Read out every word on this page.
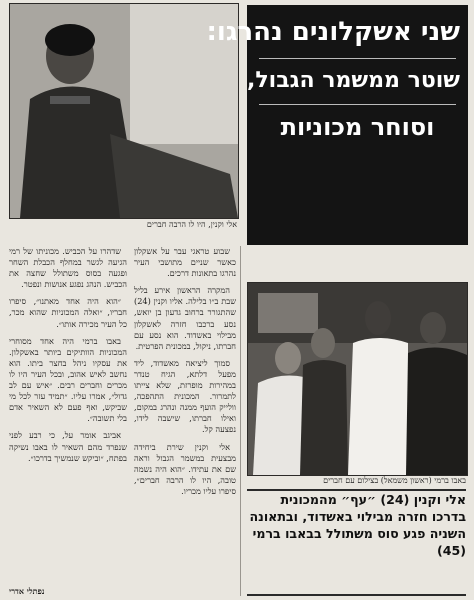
אלי וקנין, היו לו הרבה חברים
שני אשקלונים נהרגו:
שוטר ממשמר הגבול,
וסוחר מכוניות

שבוע טראגי עבר על אשקלון כאשר שניים מתושבי העיר נהרגו בתאונות דרכים.

המקרה הראשון אירע בליל שבת ב״ו בלילה. אליו וקנין (24) שהתגורר ברחוב גדעון בן יואש, נסע ברכבו חזרה לאשקלון מבילוי באשדוד. הוא נסע עם חברתו, ניקול, במכונית הפרטית.

סמוך ליציאה מאשדוד, ליד מפעל דלתא, הגיח טנדר במהירות מופרזת, שלא צייתו לתמרור. המכונית התהפכה, וולייק הועף ממנה ונהרג במקום, ואילו חברתו, שישבה לידו, נפצעה קל.

אלי וקנין שירת ביחידה מבצעית במשמר הגבול וראה שם את עתידו. ״הוא היה נשמה טובה, היו לו הרבה חברים״, סיפרו עליו מכריו.

שדהרו על הכביש. מכוניתו של רמי הגיעה לגשר במחלף הכבלת השחר ופגעה בסוס משתולל שחצה את הכביש. הנהג נפגע אנושות ונפטר.

״הוא היה אחד מאתנו״, סיפרו חבריו, ״ואלה המכוניות שהוא מכר, כל העיר מכירה אותו״.

באבו ברמי היה אחד מסוחרי המכוניות הוותיקים ביותר באשקלון. את עסקיו ניהל בחצר ביתו. הוא נחשב לאיש אהוב, ובכל העיר היו לו מכרים וחברים רבים. ״איש עם לב גדול״, אמרו עליו. ״תמיד עזר לכל מי שביקש, ואף פעם לא השאיר אדם בלי תשובה״.

אביגב אומר על, כי רבע לפני שנפרד מהם השאיר לו באבו נשיקה בפתח, ״וביקש שנמשיך בדרכו״.

נפתלי אדרי
באבו ברמי (ראשון משמאל) בצילום עם חברים
אלי וקנין (24) ״עף״ מהמכונית בדרכו חזרה מבילוי באשדוד, ובתאונה השניה פגע סוס משתולל בבאבו ברמי (45)
